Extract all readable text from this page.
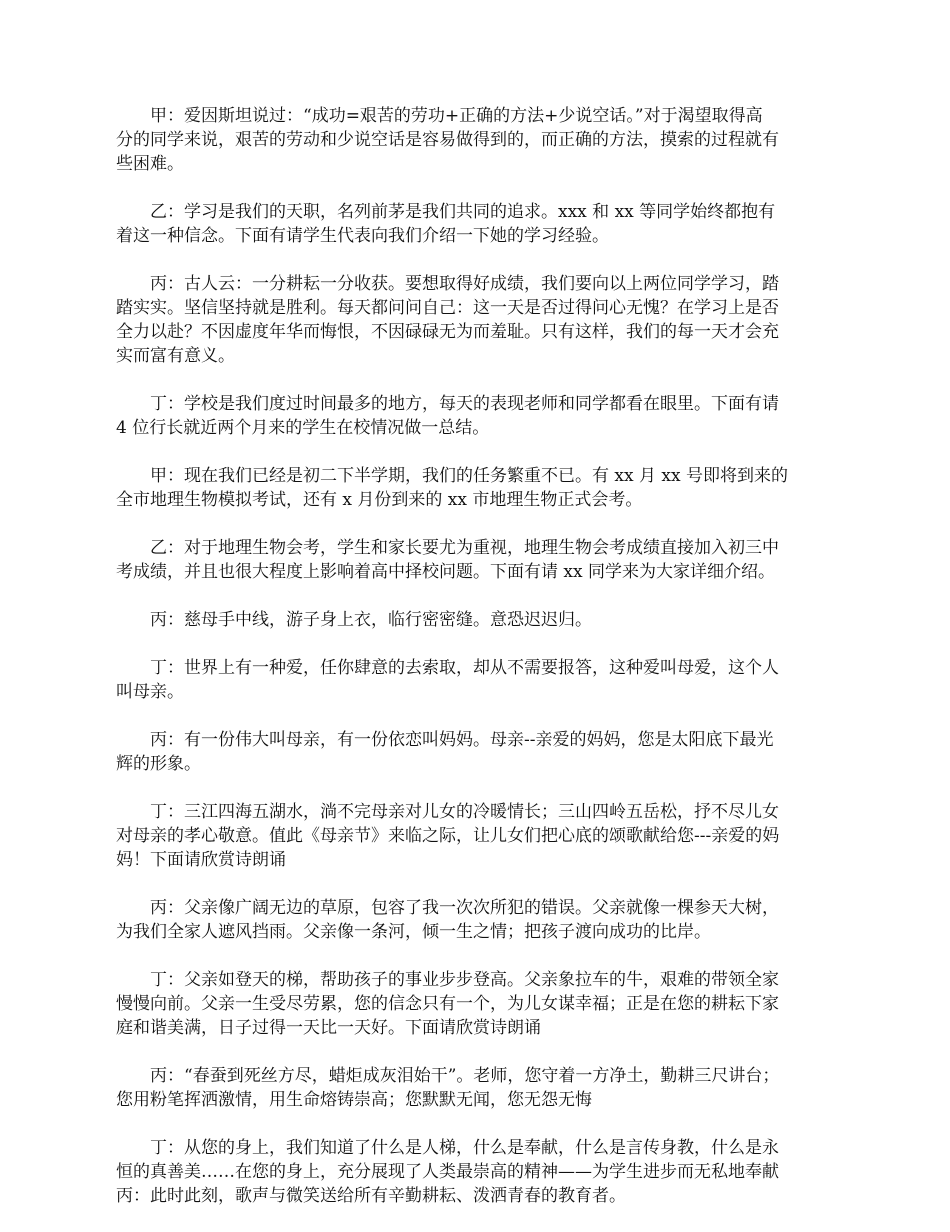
甲：爱因斯坦说过：“成功=艰苦的劳功+正确的方法+少说空话。”对于渴望取得高
分的同学来说，艰苦的劳动和少说空话是容易做得到的，而正确的方法，摸索的过程就有
些困难。

乙：学习是我们的天职，名列前茅是我们共同的追求。xxx 和 xx 等同学始终都抱有
着这一种信念。下面有请学生代表向我们介绍一下她的学习经验。

丙：古人云：一分耕耘一分收获。要想取得好成绩，我们要向以上两位同学学习，踏
踏实实。坚信坚持就是胜利。每天都问问自己：这一天是否过得问心无愧？在学习上是否
全力以赴？不因虚度年华而悔恨，不因碌碌无为而羞耻。只有这样，我们的每一天才会充
实而富有意义。

丁：学校是我们度过时间最多的地方，每天的表现老师和同学都看在眼里。下面有请
4 位行长就近两个月来的学生在校情况做一总结。

甲：现在我们已经是初二下半学期，我们的任务繁重不已。有 xx 月 xx 号即将到来的
全市地理生物模拟考试，还有 x 月份到来的 xx 市地理生物正式会考。

乙：对于地理生物会考，学生和家长要尤为重视，地理生物会考成绩直接加入初三中
考成绩，并且也很大程度上影响着高中择校问题。下面有请 xx 同学来为大家详细介绍。

丙：慈母手中线，游子身上衣，临行密密缝。意恐迟迟归。

丁：世界上有一种爱，任你肆意的去索取，却从不需要报答，这种爱叫母爱，这个人
叫母亲。

丙：有一份伟大叫母亲，有一份依恋叫妈妈。母亲--亲爱的妈妈，您是太阳底下最光
辉的形象。

丁：三江四海五湖水，淌不完母亲对儿女的冷暖情长；三山四岭五岳松，抒不尽儿女
对母亲的孝心敬意。值此《母亲节》来临之际，让儿女们把心底的颂歌献给您---亲爱的妈
妈！下面请欣赏诗朗诵

丙：父亲像广阔无边的草原，包容了我一次次所犯的错误。父亲就像一棵参天大树，
为我们全家人遮风挡雨。父亲像一条河，倾一生之情；把孩子渡向成功的比岸。

丁：父亲如登天的梯，帮助孩子的事业步步登高。父亲象拉车的牛，艰难的带领全家
慢慢向前。父亲一生受尽劳累，您的信念只有一个，为儿女谋幸福；正是在您的耕耘下家
庭和谐美满，日子过得一天比一天好。下面请欣赏诗朗诵

丙：“春蚕到死丝方尽，蜡炬成灰泪始干”。老师，您守着一方净土，勤耕三尺讲台；
您用粉笔挥洒激情，用生命熔铸崇高；您默默无闻，您无怨无悔

丁：从您的身上，我们知道了什么是人梯，什么是奉献，什么是言传身教，什么是永
恒的真善美……在您的身上，充分展现了人类最崇高的精神——为学生进步而无私地奉献
丙：此时此刻，歌声与微笑送给所有辛勤耕耘、泼洒青春的教育者。
